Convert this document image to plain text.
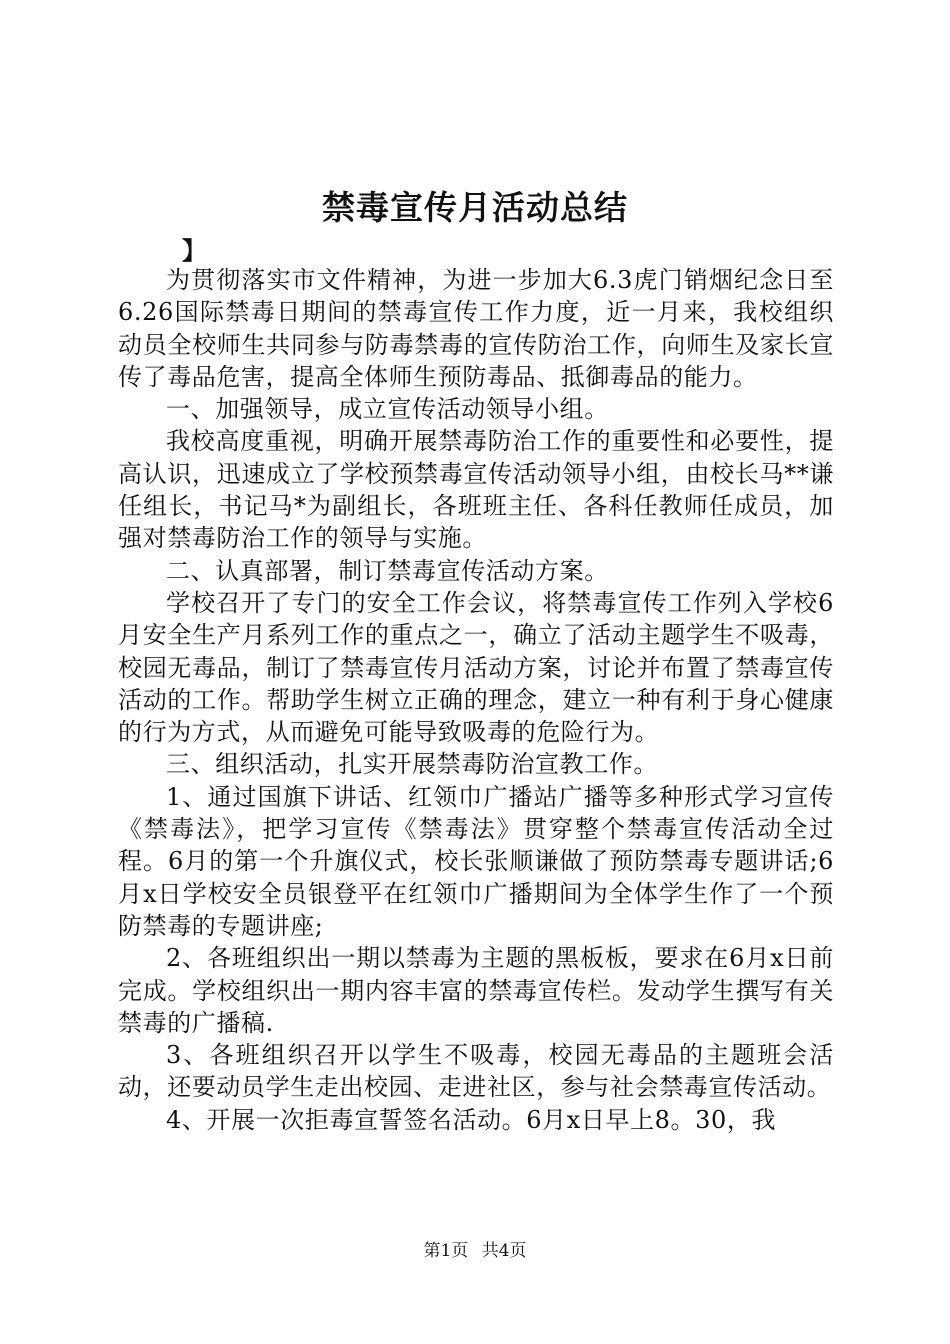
禁毒宣传月活动总结
】

为贯彻落实市文件精神，为进一步加大6.3虎门销烟纪念日至6.26国际禁毒日期间的禁毒宣传工作力度，近一月来，我校组织动员全校师生共同参与防毒禁毒的宣传防治工作，向师生及家长宣传了毒品危害，提高全体师生预防毒品、抵御毒品的能力。

一、加强领导，成立宣传活动领导小组。

我校高度重视，明确开展禁毒防治工作的重要性和必要性，提高认识，迅速成立了学校预禁毒宣传活动领导小组，由校长马**谦任组长，书记马*为副组长，各班班主任、各科任教师任成员，加强对禁毒防治工作的领导与实施。

二、认真部署，制订禁毒宣传活动方案。

学校召开了专门的安全工作会议，将禁毒宣传工作列入学校6月安全生产月系列工作的重点之一，确立了活动主题学生不吸毒，校园无毒品，制订了禁毒宣传月活动方案，讨论并布置了禁毒宣传活动的工作。帮助学生树立正确的理念，建立一种有利于身心健康的行为方式，从而避免可能导致吸毒的危险行为。

三、组织活动，扎实开展禁毒防治宣教工作。

1、通过国旗下讲话、红领巾广播站广播等多种形式学习宣传《禁毒法》，把学习宣传《禁毒法》贯穿整个禁毒宣传活动全过程。6月的第一个升旗仪式，校长张顺谦做了预防禁毒专题讲话;6月x日学校安全员银登平在红领巾广播期间为全体学生作了一个预防禁毒的专题讲座;

2、各班组织出一期以禁毒为主题的黑板板，要求在6月x日前完成。学校组织出一期内容丰富的禁毒宣传栏。发动学生撰写有关禁毒的广播稿.

3、各班组织召开以学生不吸毒，校园无毒品的主题班会活动，还要动员学生走出校园、走进社区，参与社会禁毒宣传活动。

4、开展一次拒毒宣誓签名活动。6月x日早上8。30，我

第1页 共4页
